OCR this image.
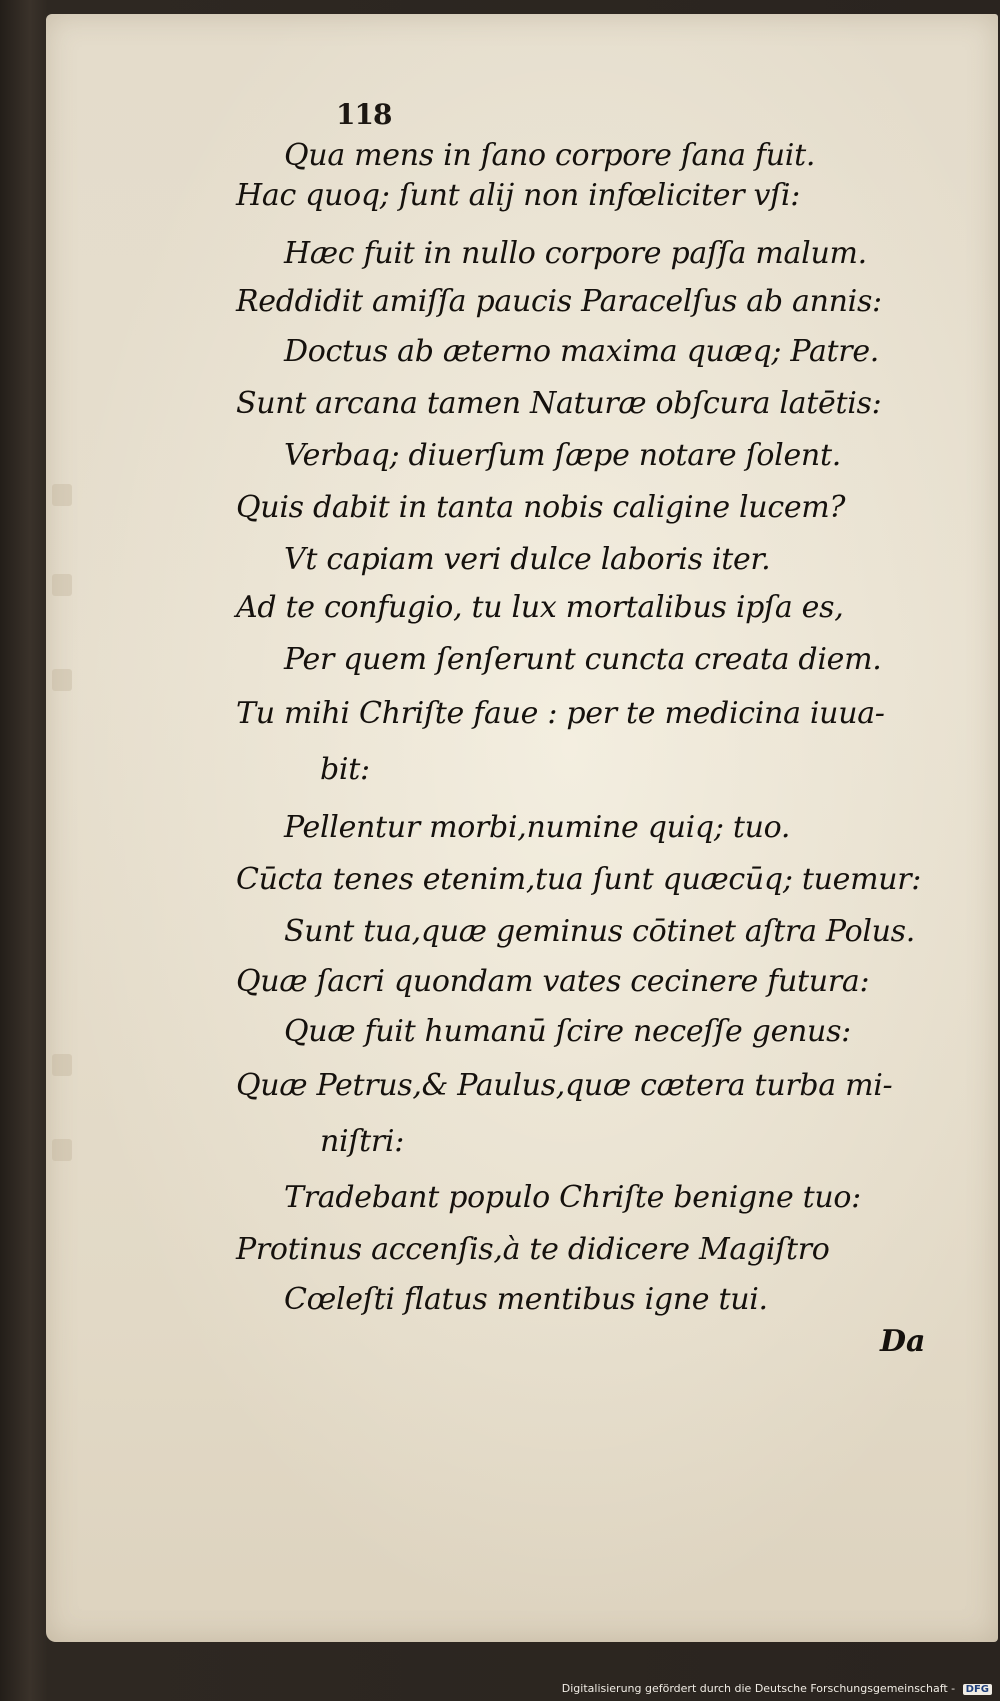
118
Qua mens in ſano corpore ſana fuit.
Hac quoq; ſunt alij non infœliciter vſi:
Hæc fuit in nullo corpore paſſa malum.
Reddidit amiſſa paucis Paracelſus ab annis:
Doctus ab æterno maxima quæq; Patre.
Sunt arcana tamen Naturæ obſcura latētis:
Verbaq; diuerſum ſæpe notare ſolent.
Quis dabit in tanta nobis caligine lucem?
Vt capiam veri dulce laboris iter.
Ad te confugio, tu lux mortalibus ipſa es,
Per quem ſenſerunt cuncta creata diem.
Tu mihi Chriſte faue : per te medicina iuua-
bit:
Pellentur morbi,numine quiq; tuo.
Cūcta tenes etenim,tua ſunt quæcūq; tuemur:
Sunt tua,quæ geminus cōtinet aſtra Polus.
Quæ ſacri quondam vates cecinere futura:
Quæ fuit humanū ſcire neceſſe genus:
Quæ Petrus,& Paulus,quæ cætera turba mi-
niſtri:
Tradebant populo Chriſte benigne tuo:
Protinus accenſis,à te didicere Magiſtro
Cœleſti flatus mentibus igne tui.
Da
Digitalisierung gefördert durch die Deutsche Forschungsgemeinschaft - DFG
